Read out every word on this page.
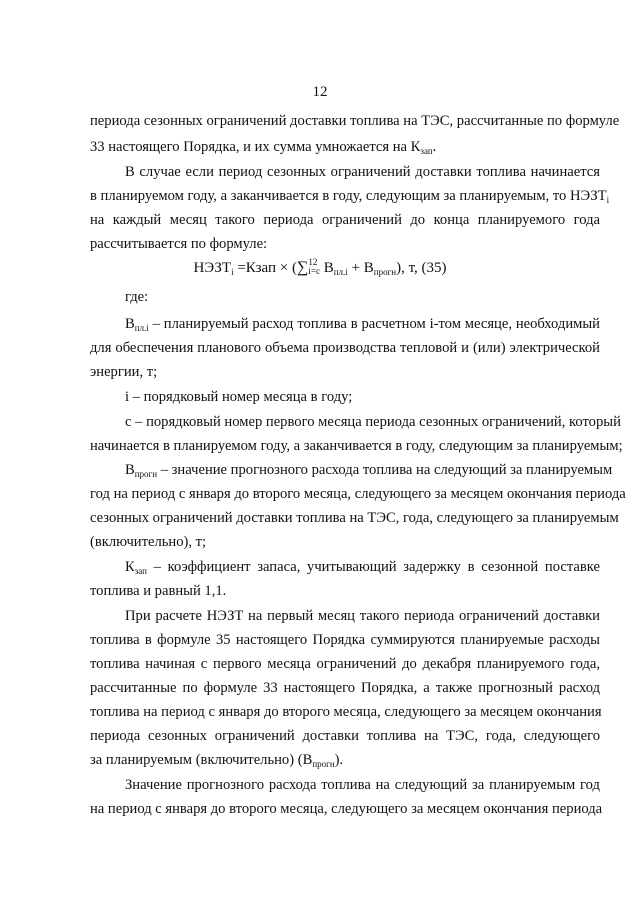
12
периода сезонных ограничений доставки топлива на ТЭС, рассчитанные по формуле
33 настоящего Порядка, и их сумма умножается на $К_{зап}$.
В случае если период сезонных ограничений доставки топлива начинается
в планируемом году, а заканчивается в году, следующим за планируемым, то $НЭЗТ_i$
на каждый месяц такого периода ограничений до конца планируемого года
рассчитывается по формуле:
$НЭЗТ_i$ =Кзап × (∑12
i=c $В_{пл.i} + В_{прогн}$), т, (35)
где:
$В_{пл.i}$ – планируемый расход топлива в расчетном i-том месяце, необходимый
для обеспечения планового объема производства тепловой и (или) электрической
энергии, т;
i – порядковый номер месяца в году;
c – порядковый номер первого месяца периода сезонных ограничений, который
начинается в планируемом году, а заканчивается в году, следующим за планируемым;
$В_{прогн}$ – значение прогнозного расхода топлива на следующий за планируемым
год на период с января до второго месяца, следующего за месяцем окончания периода
сезонных ограничений доставки топлива на ТЭС, года, следующего за планируемым
(включительно), т;
$К_{зап}$ – коэффициент запаса, учитывающий задержку в сезонной поставке
топлива и равный 1,1.
При расчете НЭЗТ на первый месяц такого периода ограничений доставки
топлива в формуле 35 настоящего Порядка суммируются планируемые расходы
топлива начиная с первого месяца ограничений до декабря планируемого года,
рассчитанные по формуле 33 настоящего Порядка, а также прогнозный расход
топлива на период с января до второго месяца, следующего за месяцем окончания
периода сезонных ограничений доставки топлива на ТЭС, года, следующего
за планируемым (включительно) $(В_{прогн})$.
Значение прогнозного расхода топлива на следующий за планируемым год
на период с января до второго месяца, следующего за месяцем окончания периода
